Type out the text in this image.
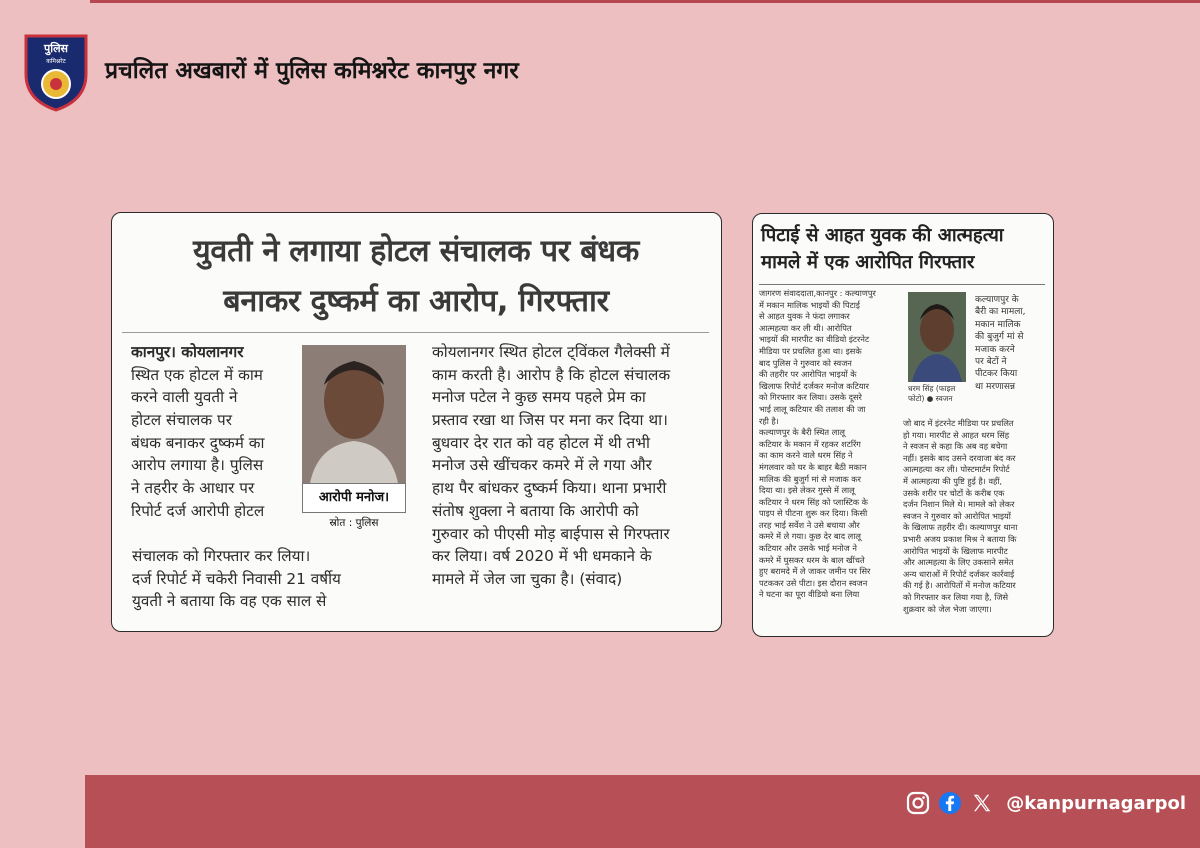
पुलिस
कमिश्नरेट प्रचलित अखबारों में पुलिस कमिश्नरेट कानपुर नगर
युवती ने लगाया होटल संचालक पर बंधक
बनाकर दुष्कर्म का आरोप, गिरफ्तार
कानपुर। कोयलानगर
स्थित एक होटल में काम
करने वाली युवती ने
होटल संचालक पर
बंधक बनाकर दुष्कर्म का
आरोप लगाया है। पुलिस
ने तहरीर के आधार पर
रिपोर्ट दर्ज आरोपी होटल
संचालक को गिरफ्तार कर लिया।
दर्ज रिपोर्ट में चकेरी निवासी 21 वर्षीय
युवती ने बताया कि वह एक साल से
आरोपी मनोज।
स्रोत : पुलिस
कोयलानगर स्थित होटल ट्विंकल गैलेक्सी में
काम करती है। आरोप है कि होटल संचालक
मनोज पटेल ने कुछ समय पहले प्रेम का
प्रस्ताव रखा था जिस पर मना कर दिया था।
बुधवार देर रात को वह होटल में थी तभी
मनोज उसे खींचकर कमरे में ले गया और
हाथ पैर बांधकर दुष्कर्म किया। थाना प्रभारी
संतोष शुक्ला ने बताया कि आरोपी को
गुरुवार को पीएसी मोड़ बाईपास से गिरफ्तार
कर लिया। वर्ष 2020 में भी धमकाने के
मामले में जेल जा चुका है। (संवाद)
पिटाई से आहत युवक की आत्महत्या
मामले में एक आरोपित गिरफ्तार
जागरण संवाददाता,कानपुर : कल्याणपुर
में मकान मालिक भाइयों की पिटाई
से आहत युवक ने फंदा लगाकर
आत्महत्या कर ली थी। आरोपित
भाइयों की मारपीट का वीडियो इंटरनेट
मीडिया पर प्रचलित हुआ था। इसके
बाद पुलिस ने गुरुवार को स्वजन
की तहरीर पर आरोपित भाइयों के
खिलाफ रिपोर्ट दर्जकर मनोज कटियार
को गिरफ्तार कर लिया। उसके दूसरे
भाई लालू कटियार की तलाश की जा
रही है।
कल्याणपुर के बैरी स्थित लालू
कटियार के मकान में रहकर शटरिंग
का काम करने वाले धरम सिंह ने
मंगलवार को घर के बाहर बैठी मकान
मालिक की बुजुर्ग मां से मजाक कर
दिया था। इसे लेकर गुस्से में लालू
कटियार ने धरम सिंह को प्लास्टिक के
पाइप से पीटना शुरू कर दिया। किसी
तरह भाई सर्वेश ने उसे बचाया और
कमरे में ले गया। कुछ देर बाद लालू
कटियार और उसके भाई मनोज ने
कमरे में घुसकर धरम के बाल खींचते
हुए बरामदे में ले जाकर जमीन पर सिर
पटककर उसे पीटा। इस दौरान स्वजन
ने घटना का पूरा वीडियो बना लिया
धरम सिंह (फाइल
फोटो) ● स्वजन
कल्याणपुर के
बैरी का मामला,
मकान मालिक
की बुजुर्ग मां से
मजाक करने
पर बेटों ने
पीटकर किया
था मरणासन्न
जो बाद में इंटरनेट मीडिया पर प्रचलित
हो गया। मारपीट से आहत धरम सिंह
ने स्वजन से कहा कि अब वह बचेगा
नहीं। इसके बाद उसने दरवाजा बंद कर
आत्महत्या कर ली। पोस्टमार्टम रिपोर्ट
में आत्महत्या की पुष्टि हुई है। वहीं,
उसके शरीर पर चोटों के करीब एक
दर्जन निशान मिले थे। मामले को लेकर
स्वजन ने गुरुवार को आरोपित भाइयों
के खिलाफ तहरीर दी। कल्याणपुर थाना
प्रभारी अजय प्रकाश मिश्र ने बताया कि
आरोपित भाइयों के खिलाफ मारपीट
और आत्महत्या के लिए उकसाने समेत
अन्य धाराओं में रिपोर्ट दर्जकर कार्रवाई
की गई है। आरोपितों में मनोज कटियार
को गिरफ्तार कर लिया गया है, जिसे
शुक्रवार को जेल भेजा जाएगा।
@kanpurnagarpol
